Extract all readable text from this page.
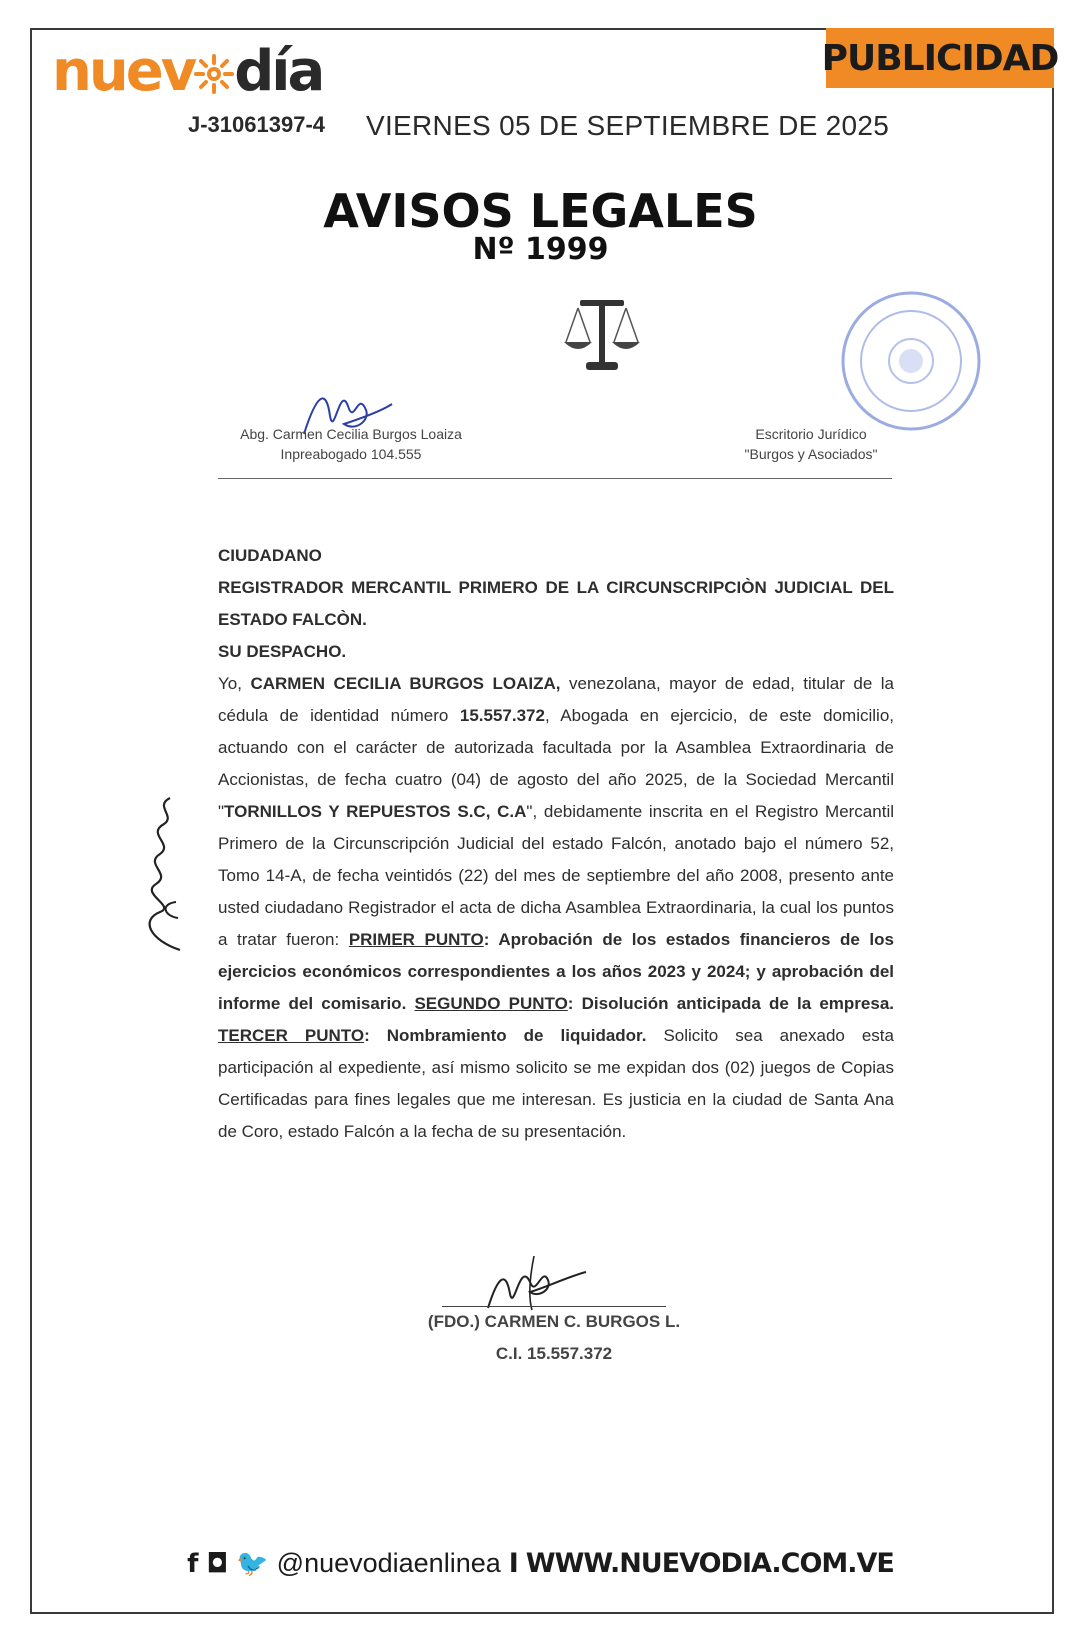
PUBLICIDAD
nuev día
J-31061397-4 VIERNES 05 DE SEPTIEMBRE DE 2025
AVISOS LEGALES
Nº 1999
Abg. Carmen Cecilia Burgos Loaiza
Inpreabogado 104.555
Escritorio Jurídico
"Burgos y Asociados"

CIUDADANO

REGISTRADOR MERCANTIL PRIMERO DE LA CIRCUNSCRIPCIÒN JUDICIAL DEL ESTADO FALCÒN.

SU DESPACHO.

Yo, CARMEN CECILIA BURGOS LOAIZA, venezolana, mayor de edad, titular de la cédula de identidad número 15.557.372, Abogada en ejercicio, de este domicilio, actuando con el carácter de autorizada facultada por la Asamblea Extraordinaria de Accionistas, de fecha cuatro (04) de agosto del año 2025, de la Sociedad Mercantil "TORNILLOS Y REPUESTOS S.C, C.A", debidamente inscrita en el Registro Mercantil Primero de la Circunscripción Judicial del estado Falcón, anotado bajo el número 52, Tomo 14-A, de fecha veintidós (22) del mes de septiembre del año 2008, presento ante usted ciudadano Registrador el acta de dicha Asamblea Extraordinaria, la cual los puntos a tratar fueron: PRIMER PUNTO: Aprobación de los estados financieros de los ejercicios económicos correspondientes a los años 2023 y 2024; y aprobación del informe del comisario. SEGUNDO PUNTO: Disolución anticipada de la empresa. TERCER PUNTO: Nombramiento de liquidador. Solicito sea anexado esta participación al expediente, así mismo solicito se me expidan dos (02) juegos de Copias Certificadas para fines legales que me interesan. Es justicia en la ciudad de Santa Ana de Coro, estado Falcón a la fecha de su presentación.

(FDO.) CARMEN C. BURGOS L.
C.I. 15.557.372
f ◘ 🐦 @nuevodiaenlinea I WWW.NUEVODIA.COM.VE
